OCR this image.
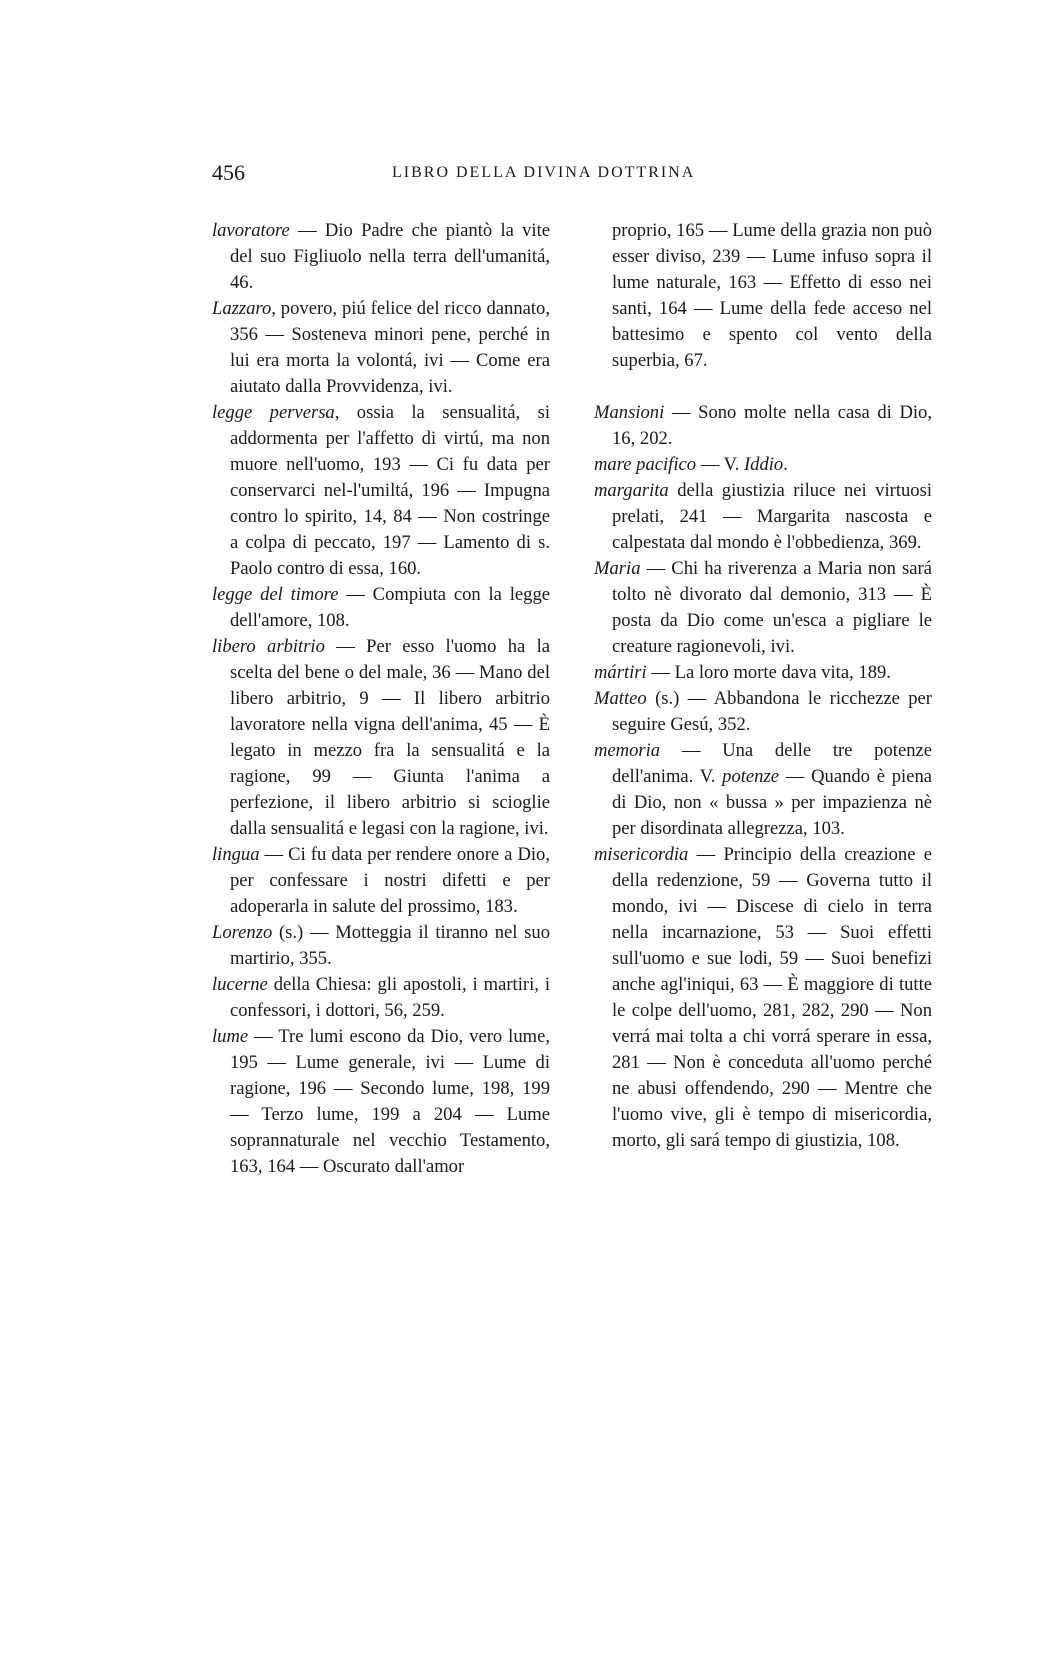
456	LIBRO DELLA DIVINA DOTTRINA

lavoratore — Dio Padre che piantò la vite del suo Figliuolo nella terra dell'umanitá, 46.

Lazzaro, povero, piú felice del ricco dannato, 356 — Sosteneva minori pene, perché in lui era morta la volontá, ivi — Come era aiutato dalla Provvidenza, ivi.

legge perversa, ossia la sensualitá, si addormenta per l'affetto di virtú, ma non muore nell'uomo, 193 — Ci fu data per conservarci nel-l'umiltá, 196 — Impugna contro lo spirito, 14, 84 — Non costringe a colpa di peccato, 197 — Lamento di s. Paolo contro di essa, 160.

legge del timore — Compiuta con la legge dell'amore, 108.

libero arbitrio — Per esso l'uomo ha la scelta del bene o del male, 36 — Mano del libero arbitrio, 9 — Il libero arbitrio lavoratore nella vigna dell'anima, 45 — È legato in mezzo fra la sensualitá e la ragione, 99 — Giunta l'anima a perfezione, il libero arbitrio si scioglie dalla sensualitá e legasi con la ragione, ivi.

lingua — Ci fu data per rendere onore a Dio, per confessare i nostri difetti e per adoperarla in salute del prossimo, 183.

Lorenzo (s.) — Motteggia il tiranno nel suo martirio, 355.

lucerne della Chiesa: gli apostoli, i martiri, i confessori, i dottori, 56, 259.

lume — Tre lumi escono da Dio, vero lume, 195 — Lume generale, ivi — Lume di ragione, 196 — Secondo lume, 198, 199 — Terzo lume, 199 a 204 — Lume soprannaturale nel vecchio Testamento, 163, 164 — Oscurato dall'amor

proprio, 165 — Lume della grazia non può esser diviso, 239 — Lume infuso sopra il lume naturale, 163 — Effetto di esso nei santi, 164 — Lume della fede acceso nel battesimo e spento col vento della superbia, 67.

Mansioni — Sono molte nella casa di Dio, 16, 202.

mare pacifico — V. Iddio.

margarita della giustizia riluce nei virtuosi prelati, 241 — Margarita nascosta e calpestata dal mondo è l'obbedienza, 369.

Maria — Chi ha riverenza a Maria non sará tolto nè divorato dal demonio, 313 — È posta da Dio come un'esca a pigliare le creature ragionevoli, ivi.

mártiri — La loro morte dava vita, 189.

Matteo (s.) — Abbandona le ricchezze per seguire Gesú, 352.

memoria — Una delle tre potenze dell'anima. V. potenze — Quando è piena di Dio, non « bussa » per impazienza nè per disordinata allegrezza, 103.

misericordia — Principio della creazione e della redenzione, 59 — Governa tutto il mondo, ivi — Discese di cielo in terra nella incarnazione, 53 — Suoi effetti sull'uomo e sue lodi, 59 — Suoi benefizi anche agl'iniqui, 63 — È maggiore di tutte le colpe dell'uomo, 281, 282, 290 — Non verrá mai tolta a chi vorrá sperare in essa, 281 — Non è conceduta all'uomo perché ne abusi offendendo, 290 — Mentre che l'uomo vive, gli è tempo di misericordia, morto, gli sará tempo di giustizia, 108.
